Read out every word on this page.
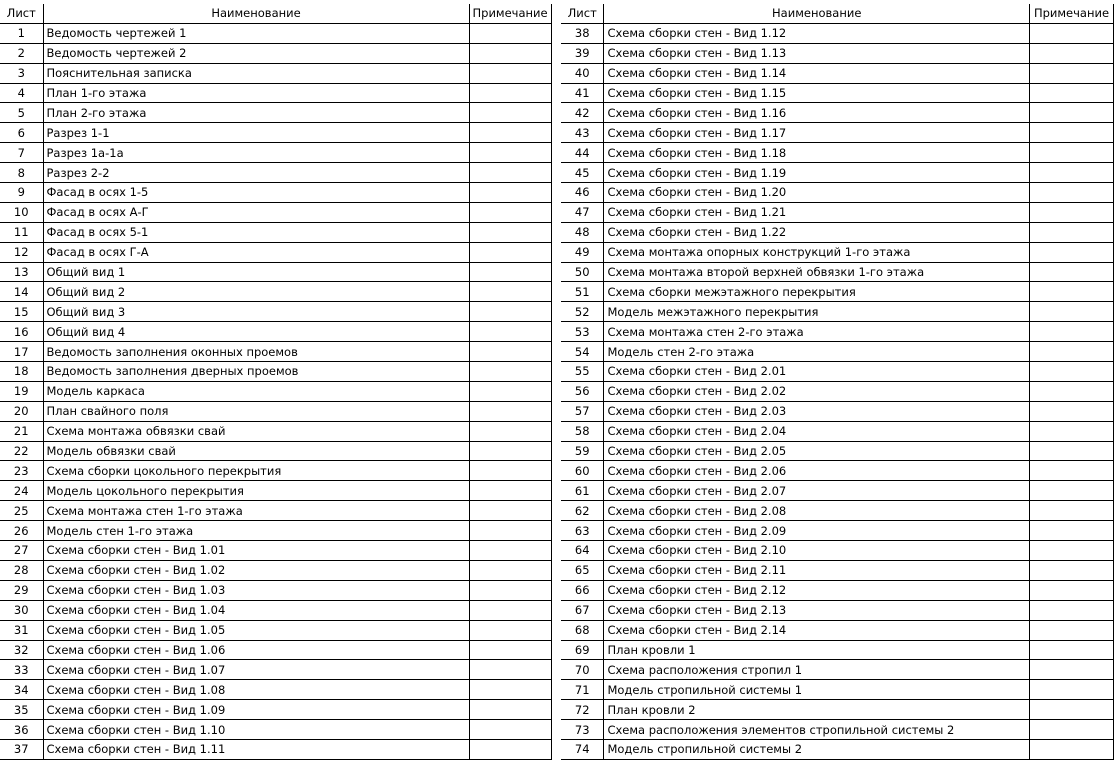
Лист	Наименование	Примечание
1	Ведомость чертежей 1	
2	Ведомость чертежей 2	
3	Пояснительная записка	
4	План 1-го этажа	
5	План 2-го этажа	
6	Разрез 1-1	
7	Разрез 1а-1а	
8	Разрез 2-2	
9	Фасад в осях 1-5	
10	Фасад в осях А-Г	
11	Фасад в осях 5-1	
12	Фасад в осях Г-А	
13	Общий вид 1	
14	Общий вид 2	
15	Общий вид 3	
16	Общий вид 4	
17	Ведомость заполнения оконных проемов	
18	Ведомость заполнения дверных проемов	
19	Модель каркаса	
20	План свайного поля	
21	Схема монтажа обвязки свай	
22	Модель обвязки свай	
23	Схема сборки цокольного перекрытия	
24	Модель цокольного перекрытия	
25	Схема монтажа стен 1-го этажа	
26	Модель стен 1-го этажа	
27	Схема сборки стен - Вид 1.01	
28	Схема сборки стен - Вид 1.02	
29	Схема сборки стен - Вид 1.03	
30	Схема сборки стен - Вид 1.04	
31	Схема сборки стен - Вид 1.05	
32	Схема сборки стен - Вид 1.06	
33	Схема сборки стен - Вид 1.07	
34	Схема сборки стен - Вид 1.08	
35	Схема сборки стен - Вид 1.09	
36	Схема сборки стен - Вид 1.10	
37	Схема сборки стен - Вид 1.11	
Лист	Наименование	Примечание
38	Схема сборки стен - Вид 1.12	
39	Схема сборки стен - Вид 1.13	
40	Схема сборки стен - Вид 1.14	
41	Схема сборки стен - Вид 1.15	
42	Схема сборки стен - Вид 1.16	
43	Схема сборки стен - Вид 1.17	
44	Схема сборки стен - Вид 1.18	
45	Схема сборки стен - Вид 1.19	
46	Схема сборки стен - Вид 1.20	
47	Схема сборки стен - Вид 1.21	
48	Схема сборки стен - Вид 1.22	
49	Схема монтажа опорных конструкций 1-го этажа	
50	Схема монтажа второй верхней обвязки 1-го этажа	
51	Схема сборки межэтажного перекрытия	
52	Модель межэтажного перекрытия	
53	Схема монтажа стен 2-го этажа	
54	Модель стен 2-го этажа	
55	Схема сборки стен - Вид 2.01	
56	Схема сборки стен - Вид 2.02	
57	Схема сборки стен - Вид 2.03	
58	Схема сборки стен - Вид 2.04	
59	Схема сборки стен - Вид 2.05	
60	Схема сборки стен - Вид 2.06	
61	Схема сборки стен - Вид 2.07	
62	Схема сборки стен - Вид 2.08	
63	Схема сборки стен - Вид 2.09	
64	Схема сборки стен - Вид 2.10	
65	Схема сборки стен - Вид 2.11	
66	Схема сборки стен - Вид 2.12	
67	Схема сборки стен - Вид 2.13	
68	Схема сборки стен - Вид 2.14	
69	План кровли 1	
70	Схема расположения стропил 1	
71	Модель стропильной системы 1	
72	План кровли 2	
73	Схема расположения элементов стропильной системы 2	
74	Модель стропильной системы 2	
